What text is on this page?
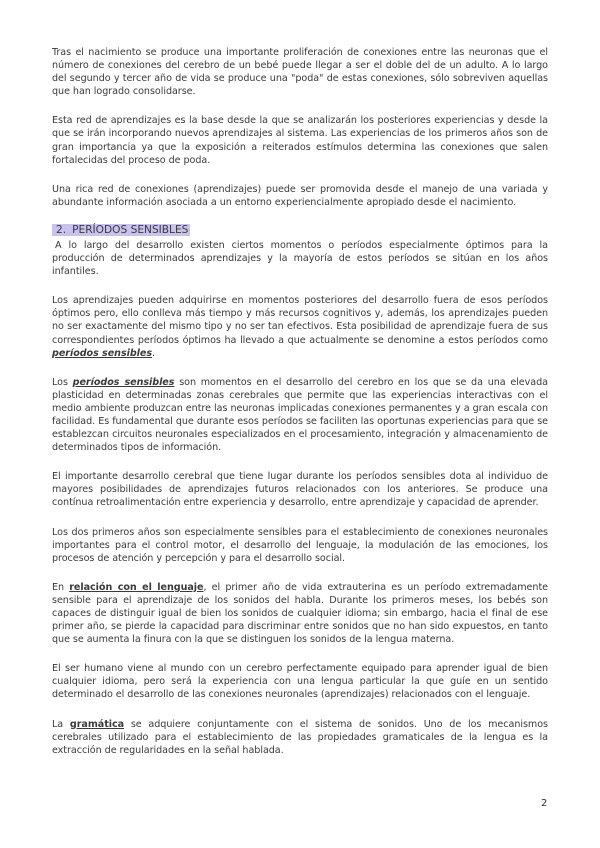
Tras el nacimiento se produce una importante proliferación de conexiones entre las neuronas que el número de conexiones del cerebro de un bebé puede llegar a ser el doble del de un adulto. A lo largo del segundo y tercer año de vida se produce una "poda" de estas conexiones, sólo sobreviven aquellas que han logrado consolidarse.

Esta red de aprendizajes es la base desde la que se analizarán los posteriores experiencias y desde la que se irán incorporando nuevos aprendizajes al sistema. Las experiencias de los primeros años son de gran importancia ya que la exposición a reiterados estímulos determina las conexiones que salen fortalecidas del proceso de poda.

Una rica red de conexiones (aprendizajes) puede ser promovida desde el manejo de una variada y abundante información asociada a un entorno experiencialmente apropiado desde el nacimiento.

2. PERÍODOS SENSIBLES

A lo largo del desarrollo existen ciertos momentos o períodos especialmente óptimos para la producción de determinados aprendizajes y la mayoría de estos períodos se sitúan en los años infantiles.

Los aprendizajes pueden adquirirse en momentos posteriores del desarrollo fuera de esos períodos óptimos pero, ello conlleva más tiempo y más recursos cognitivos y, además, los aprendizajes pueden no ser exactamente del mismo tipo y no ser tan efectivos. Esta posibilidad de aprendizaje fuera de sus correspondientes períodos óptimos ha llevado a que actualmente se denomine a estos períodos como períodos sensibles.

Los períodos sensibles son momentos en el desarrollo del cerebro en los que se da una elevada plasticidad en determinadas zonas cerebrales que permite que las experiencias interactivas con el medio ambiente produzcan entre las neuronas implicadas conexiones permanentes y a gran escala con facilidad. Es fundamental que durante esos períodos se faciliten las oportunas experiencias para que se establezcan circuitos neuronales especializados en el procesamiento, integración y almacenamiento de determinados tipos de información.

El importante desarrollo cerebral que tiene lugar durante los períodos sensibles dota al individuo de mayores posibilidades de aprendizajes futuros relacionados con los anteriores. Se produce una contínua retroalimentación entre experiencia y desarrollo, entre aprendizaje y capacidad de aprender.

Los dos primeros años son especialmente sensibles para el establecimiento de conexiones neuronales importantes para el control motor, el desarrollo del lenguaje, la modulación de las emociones, los procesos de atención y percepción y para el desarrollo social.

En relación con el lenguaje, el primer año de vida extrauterina es un período extremadamente sensible para el aprendizaje de los sonidos del habla. Durante los primeros meses, los bebés son capaces de distinguir igual de bien los sonidos de cualquier idioma; sin embargo, hacia el final de ese primer año, se pierde la capacidad para discriminar entre sonidos que no han sido expuestos, en tanto que se aumenta la finura con la que se distinguen los sonidos de la lengua materna.

El ser humano viene al mundo con un cerebro perfectamente equipado para aprender igual de bien cualquier idioma, pero será la experiencia con una lengua particular la que guíe en un sentido determinado el desarrollo de las conexiones neuronales (aprendizajes) relacionados con el lenguaje.

La gramática se adquiere conjuntamente con el sistema de sonidos. Uno de los mecanismos cerebrales utilizado para el establecimiento de las propiedades gramaticales de la lengua es la extracción de regularidades en la señal hablada.

2
